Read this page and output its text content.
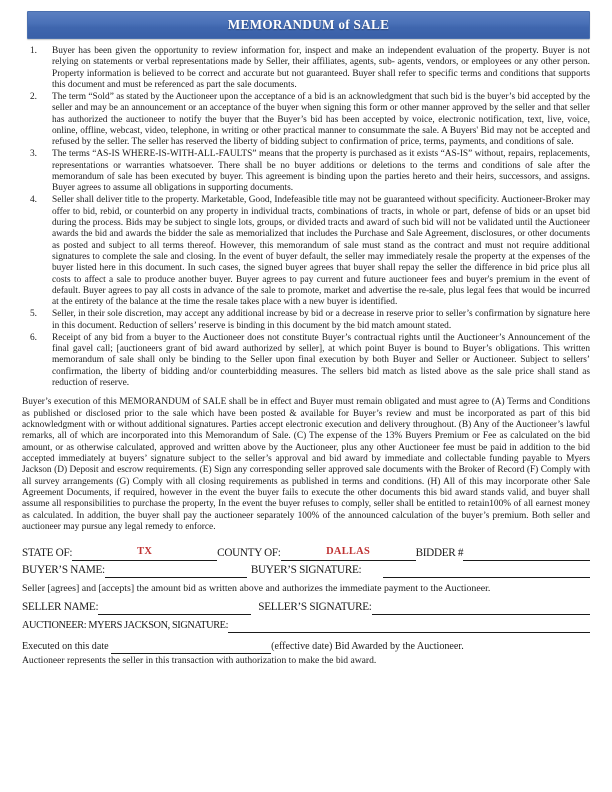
MEMORANDUM of SALE
1.	Buyer has been given the opportunity to review information for, inspect and make an independent evaluation of the property. Buyer is not relying on statements or verbal representations made by Seller, their affiliates, agents, sub- agents, vendors, or employees or any other person. Property information is believed to be correct and accurate but not guaranteed. Buyer shall refer to specific terms and conditions that supports this document and must be referenced as part the sale documents.
2.	The term “Sold” as stated by the Auctioneer upon the acceptance of a bid is an acknowledgment that such bid is the buyer’s bid accepted by the seller and may be an announcement or an acceptance of the buyer when signing this form or other manner approved by the seller and that seller has authorized the auctioneer to notify the buyer that the Buyer’s bid has been accepted by voice, electronic notification, text, live, voice, online, offline, webcast, video, telephone, in writing or other practical manner to consummate the sale. A Buyers' Bid may not be accepted and refused by the seller. The seller has reserved the liberty of bidding subject to confirmation of price, terms, payments, and conditions of sale.
3.	The terms “AS-IS WHERE-IS-WITH-ALL-FAULTS” means that the property is purchased as it exists “AS-IS” without, repairs, replacements, representations or warranties whatsoever. There shall be no buyer additions or deletions to the terms and conditions of sale after the memorandum of sale has been executed by buyer. This agreement is binding upon the parties hereto and their heirs, successors, and assigns. Buyer agrees to assume all obligations in supporting documents.
4.	Seller shall deliver title to the property. Marketable, Good, Indefeasible title may not be guaranteed without specificity. Auctioneer-Broker may offer to bid, rebid, or counterbid on any property in individual tracts, combinations of tracts, in whole or part, defense of bids or an upset bid during the process. Bids may be subject to single lots, groups, or divided tracts and award of such bid will not be validated until the Auctioneer awards the bid and awards the bidder the sale as memorialized that includes the Purchase and Sale Agreement, disclosures, or other documents as posted and subject to all terms thereof. However, this memorandum of sale must stand as the contract and must not require additional signatures to complete the sale and closing. In the event of buyer default, the seller may immediately resale the property at the expenses of the buyer listed here in this document. In such cases, the signed buyer agrees that buyer shall repay the seller the difference in bid price plus all costs to affect a sale to produce another buyer. Buyer agrees to pay current and future auctioneer fees and buyer's premium in the event of default. Buyer agrees to pay all costs in advance of the sale to promote, market and advertise the re-sale, plus legal fees that would be incurred at the entirety of the balance at the time the resale takes place with a new buyer is identified.
5.	Seller, in their sole discretion, may accept any additional increase by bid or a decrease in reserve prior to seller’s confirmation by signature here in this document. Reduction of sellers’ reserve is binding in this document by the bid match amount stated.
6.	Receipt of any bid from a buyer to the Auctioneer does not constitute Buyer’s contractual rights until the Auctioneer’s Announcement of the final gavel call; [auctioneers grant of bid award authorized by seller], at which point Buyer is bound to Buyer’s obligations. This written memorandum of sale shall only be binding to the Seller upon final execution by both Buyer and Seller or Auctioneer. Subject to sellers’ confirmation, the liberty of bidding and/or counterbidding measures. The sellers bid match as listed above as the sale price shall stand as reduction of reserve.

Buyer’s execution of this MEMORANDUM of SALE shall be in effect and Buyer must remain obligated and must agree to (A) Terms and Conditions as published or disclosed prior to the sale which have been posted & available for Buyer’s review and must be incorporated as part of this bid acknowledgment with or without additional signatures. Parties accept electronic execution and delivery throughout. (B) Any of the Auctioneer’s lawful remarks, all of which are incorporated into this Memorandum of Sale. (C) The expense of the 13% Buyers Premium or Fee as calculated on the bid amount, or as otherwise calculated, approved and written above by the Auctioneer, plus any other Auctioneer fee must be paid in addition to the bid accepted immediately at buyers’ signature subject to the seller’s approval and bid award by immediate and collectable funding payable to Myers Jackson (D) Deposit and escrow requirements. (E) Sign any corresponding seller approved sale documents with the Broker of Record (F) Comply with all survey arrangements (G) Comply with all closing requirements as published in terms and conditions. (H) All of this may incorporate other Sale Agreement Documents, if required, however in the event the buyer fails to execute the other documents this bid award stands valid, and buyer shall assume all responsibilities to purchase the property, In the event the buyer refuses to comply, seller shall be entitled to retain100% of all earnest money as calculated. In addition, the buyer shall pay the auctioneer separately 100% of the announced calculation of the buyer’s premium. Both seller and auctioneer may pursue any legal remedy to enforce.

STATE OF:	TX	COUNTY OF:	DALLAS	BIDDER #
BUYER’S NAME:	BUYER’S SIGNATURE:
Seller [agrees] and [accepts] the amount bid as written above and authorizes the immediate payment to the Auctioneer.
SELLER NAME:	SELLER’S SIGNATURE:
AUCTIONEER: MYERS JACKSON, SIGNATURE:
Executed on this date	(effective date) Bid Awarded by the Auctioneer.
Auctioneer represents the seller in this transaction with authorization to make the bid award.
